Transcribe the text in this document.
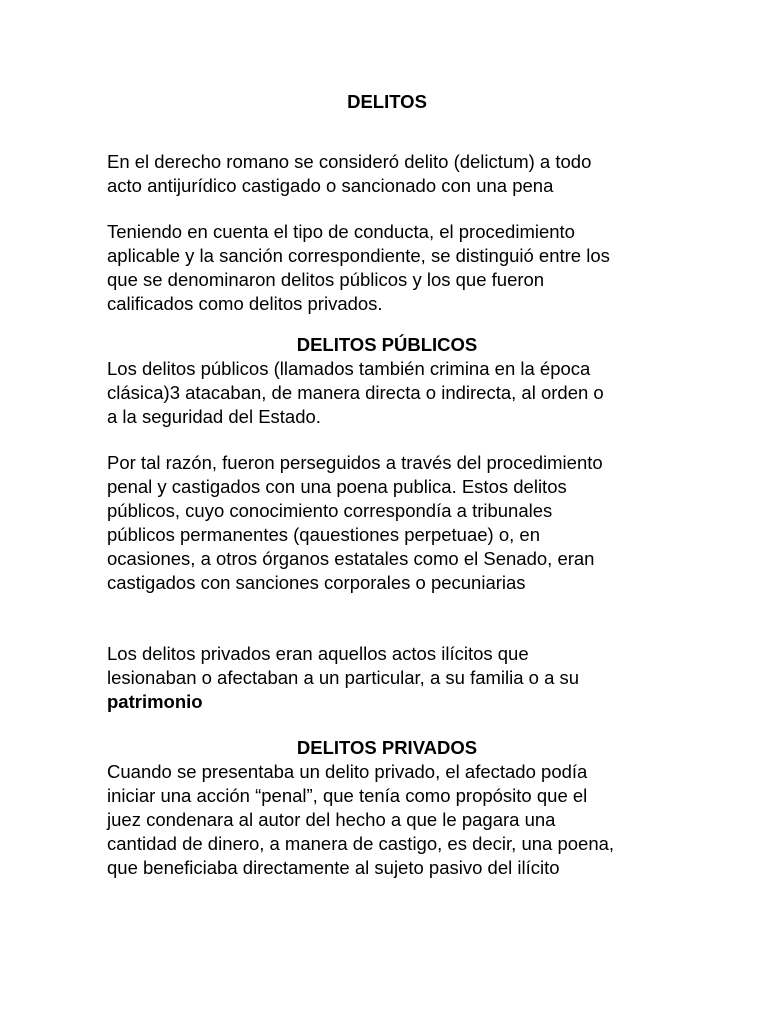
DELITOS

En el derecho romano se consideró delito (delictum) a todo

acto antijurídico castigado o sancionado con una pena

Teniendo en cuenta el tipo de conducta, el procedimiento

aplicable y la sanción correspondiente, se distinguió entre los

que se denominaron delitos públicos y los que fueron

calificados como delitos privados.

DELITOS PÚBLICOS

Los delitos públicos (llamados también crimina en la época

clásica)3 atacaban, de manera directa o indirecta, al orden o

a la seguridad del Estado.

Por tal razón, fueron perseguidos a través del procedimiento

penal y castigados con una poena publica. Estos delitos

públicos, cuyo conocimiento correspondía a tribunales

públicos permanentes (qauestiones perpetuae) o, en

ocasiones, a otros órganos estatales como el Senado, eran

castigados con sanciones corporales o pecuniarias

Los delitos privados eran aquellos actos ilícitos que

lesionaban o afectaban a un particular, a su familia o a su

patrimonio

DELITOS PRIVADOS

Cuando se presentaba un delito privado, el afectado podía

iniciar una acción “penal”, que tenía como propósito que el

juez condenara al autor del hecho a que le pagara una

cantidad de dinero, a manera de castigo, es decir, una poena,

que beneficiaba directamente al sujeto pasivo del ilícito
